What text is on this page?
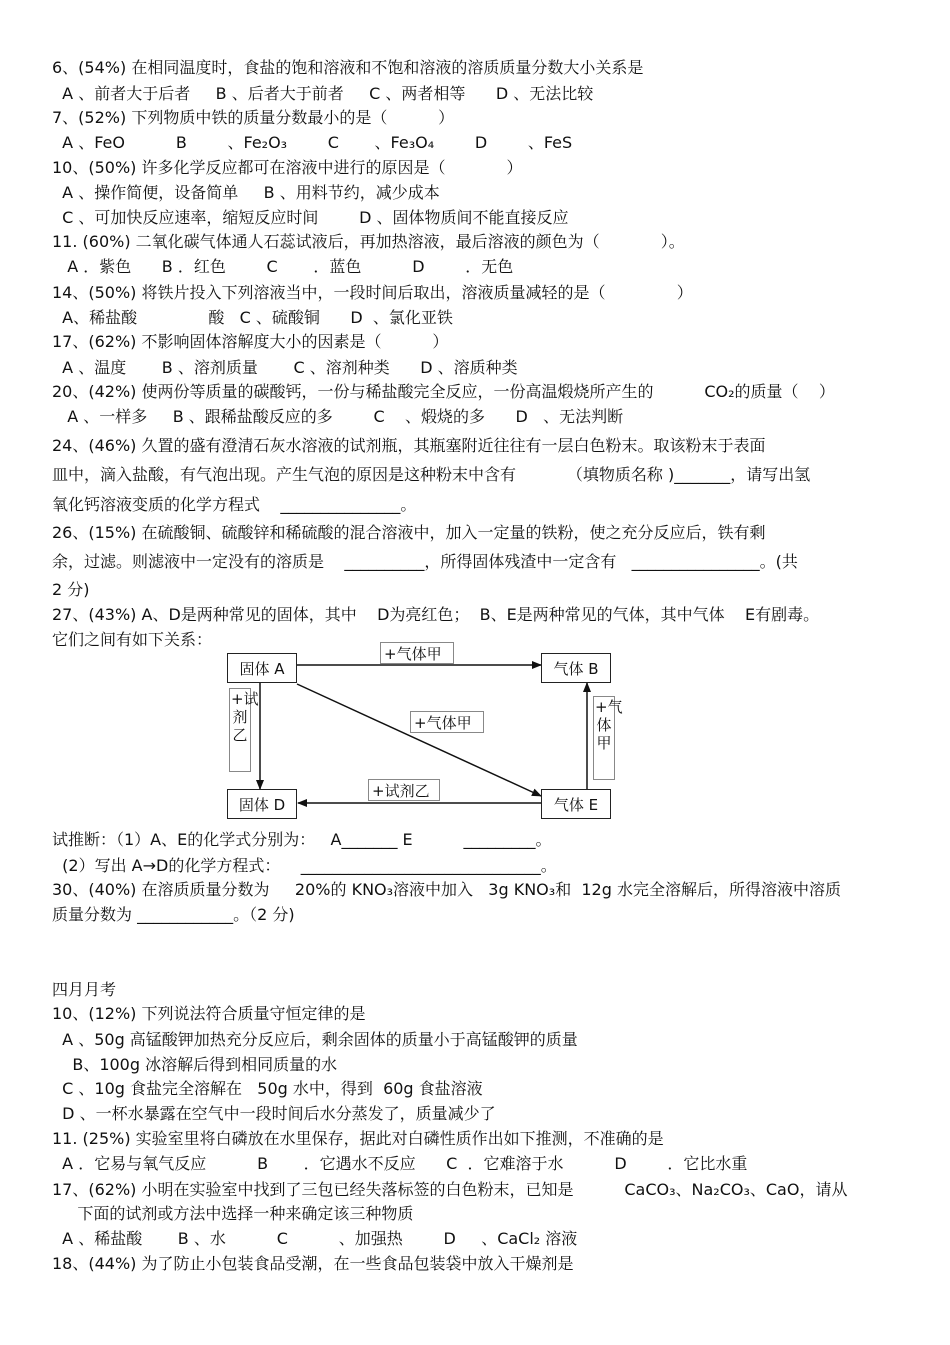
6、(54%) 在相同温度时，食盐的饱和溶液和不饱和溶液的溶质质量分数大小关系是
A 、前者大于后者     B 、后者大于前者     C 、两者相等      D 、无法比较
7、(52%) 下列物质中铁的质量分数最小的是（          ）
A 、FeO          B        、Fe₂O₃        C       、Fe₃O₄        D        、FeS
10、(50%) 许多化学反应都可在溶液中进行的原因是（            ）
A 、操作简便，设备简单     B 、用料节约，减少成本
C 、可加快反应速率，缩短反应时间        D 、固体物质间不能直接反应
11. (60%) 二氧化碳气体通人石蕊试液后，再加热溶液，最后溶液的颜色为（            ）。
A ．紫色      B ．红色        C       ．蓝色          D        ．无色
14、(50%) 将铁片投入下列溶液当中，一段时间后取出，溶液质量减轻的是（              ）
A、稀盐酸              酸   C 、硫酸铜      D  、氯化亚铁
17、(62%) 不影响固体溶解度大小的因素是（          ）
A 、温度       B 、溶剂质量       C 、溶剂种类      D 、溶质种类
20、(42%) 使两份等质量的碳酸钙，一份与稀盐酸完全反应，一份高温煅烧所产生的          CO₂的质量（    ）
A 、一样多     B 、跟稀盐酸反应的多        C    、煅烧的多      D   、无法判断
24、(46%) 久置的盛有澄清石灰水溶液的试剂瓶，其瓶塞附近往往有一层白色粉末。取该粉末于表面
皿中，滴入盐酸，有气泡出现。产生气泡的原因是这种粉末中含有          （填物质名称 )_______，请写出氢
氧化钙溶液变质的化学方程式    _______________。
26、(15%) 在硫酸铜、硫酸锌和稀硫酸的混合溶液中，加入一定量的铁粉，使之充分反应后，铁有剩
余，过滤。则滤液中一定没有的溶质是    __________，所得固体残渣中一定含有   ________________。(共
2 分)
27、(43%) A、D是两种常见的固体，其中    D为亮红色；  B、E是两种常见的气体，其中气体    E有剧毒。
它们之间有如下关系：
固体 A	气体 B
固体 D	气体 E
+气体甲
+气体甲
+试剂乙
+试剂乙
+气体甲
试推断：（1）A、E的化学式分别为：   A_______ E          _________。
(2）写出 A→D的化学方程式：    ______________________________。
30、(40%) 在溶质质量分数为     20%的 KNO₃溶液中加入   3g KNO₃和  12g 水完全溶解后，所得溶液中溶质
质量分数为 ____________。（2 分)
四月月考
10、(12%) 下列说法符合质量守恒定律的是
A 、50g 高锰酸钾加热充分反应后，剩余固体的质量小于高锰酸钾的质量
B、100g 冰溶解后得到相同质量的水
C 、10g 食盐完全溶解在   50g 水中，得到  60g 食盐溶液
D 、一杯水暴露在空气中一段时间后水分蒸发了，质量减少了
11. (25%) 实验室里将白磷放在水里保存，据此对白磷性质作出如下推测，不准确的是
A ．它易与氧气反应          B       ．它遇水不反应      C  ．它难溶于水          D        ．它比水重
17、(62%) 小明在实验室中找到了三包已经失落标签的白色粉末，已知是          CaCO₃、Na₂CO₃、CaO，请从
下面的试剂或方法中选择一种来确定该三种物质
A 、稀盐酸       B 、水          C          、加强热        D     、CaCl₂ 溶液
18、(44%) 为了防止小包装食品受潮，在一些食品包装袋中放入干燥剂是
